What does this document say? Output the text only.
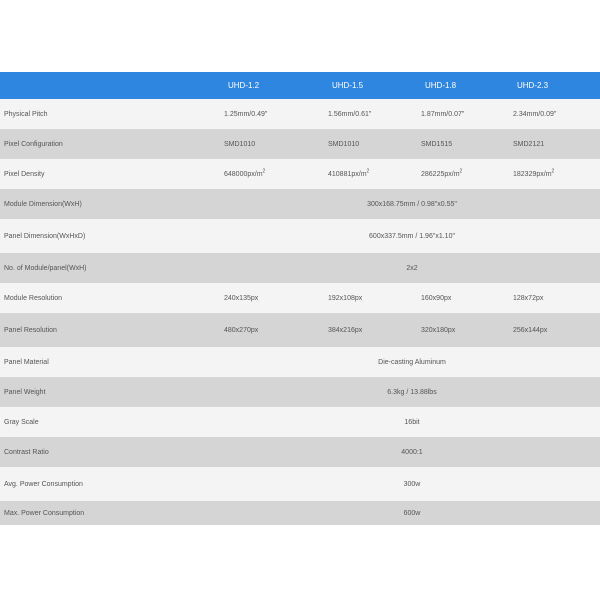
	UHD-1.2	UHD-1.5	UHD-1.8	UHD-2.3
Physical Pitch	1.25mm/0.49"	1.56mm/0.61"	1.87mm/0.07"	2.34mm/0.09"
Pixel Configuration	SMD1010	SMD1010	SMD1515	SMD2121
Pixel Density	$648000px/m^2$	$410881px/m^2$	$286225px/m^2$	$182329px/m^2$
Module Dimension(WxH)	300x168.75mm / 0.98"x0.55"			
Panel Dimension(WxHxD)	600x337.5mm / 1.96"x1.10"			
No. of Module/panel(WxH)	2x2			
Module Resolution	240x135px	192x108px	160x90px	128x72px
Panel Resolution	480x270px	384x216px	320x180px	256x144px
Panel Material	Die-casting Aluminum			
Panel Weight	6.3kg / 13.88lbs			
Gray Scale	16bit			
Contrast Ratio	4000:1			
Avg. Power Consumption	300w			
Max. Power Consumption	600w			
